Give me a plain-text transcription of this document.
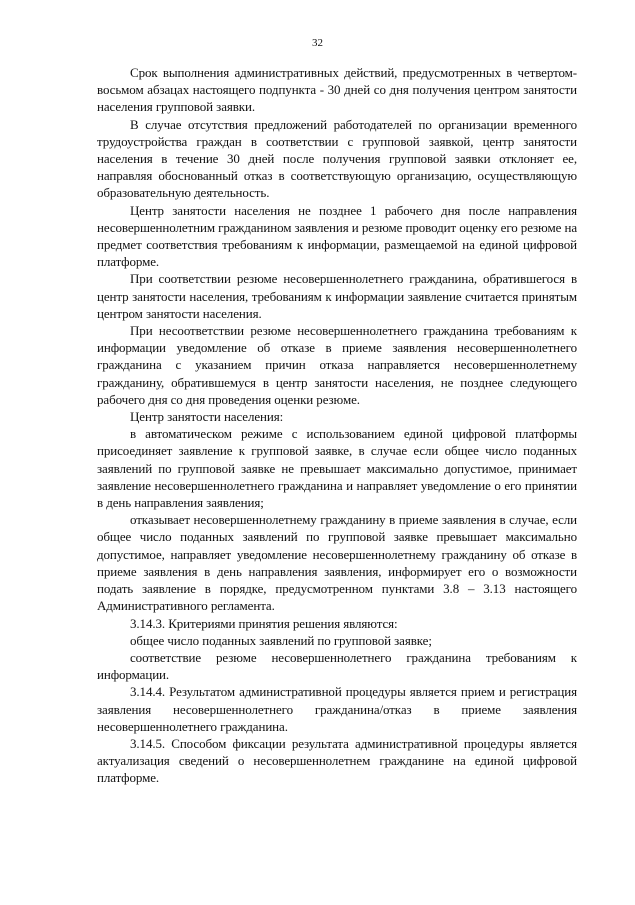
32

Срок выполнения административных действий, предусмотренных в четвертом-восьмом абзацах настоящего подпункта - 30 дней со дня получения центром занятости населения групповой заявки.

В случае отсутствия предложений работодателей по организации временного трудоустройства граждан в соответствии с групповой заявкой, центр занятости населения в течение 30 дней после получения групповой заявки отклоняет ее, направляя обоснованный отказ в соответствующую организацию, осуществляющую образовательную деятельность.

Центр занятости населения не позднее 1 рабочего дня после направления несовершеннолетним гражданином заявления и резюме проводит оценку его резюме на предмет соответствия требованиям к информации, размещаемой на единой цифровой платформе.

При соответствии резюме несовершеннолетнего гражданина, обратившегося в центр занятости населения, требованиям к информации заявление считается принятым центром занятости населения.

При несоответствии резюме несовершеннолетнего гражданина требованиям к информации уведомление об отказе в приеме заявления несовершеннолетнего гражданина с указанием причин отказа направляется несовершеннолетнему гражданину, обратившемуся в центр занятости населения, не позднее следующего рабочего дня со дня проведения оценки резюме.

Центр занятости населения:

в автоматическом режиме с использованием единой цифровой платформы присоединяет заявление к групповой заявке, в случае если общее число поданных заявлений по групповой заявке не превышает максимально допустимое, принимает заявление несовершеннолетнего гражданина и направляет уведомление о его принятии в день направления заявления;

отказывает несовершеннолетнему гражданину в приеме заявления в случае, если общее число поданных заявлений по групповой заявке превышает максимально допустимое, направляет уведомление несовершеннолетнему гражданину об отказе в приеме заявления в день направления заявления, информирует его о возможности подать заявление в порядке, предусмотренном пунктами 3.8 – 3.13 настоящего Административного регламента.

3.14.3. Критериями принятия решения являются:

общее число поданных заявлений по групповой заявке;

соответствие резюме несовершеннолетнего гражданина требованиям к информации.

3.14.4. Результатом административной процедуры является прием и регистрация заявления несовершеннолетнего гражданина/отказ в приеме заявления несовершеннолетнего гражданина.

3.14.5. Способом фиксации результата административной процедуры является актуализация сведений о несовершеннолетнем гражданине на единой цифровой платформе.
